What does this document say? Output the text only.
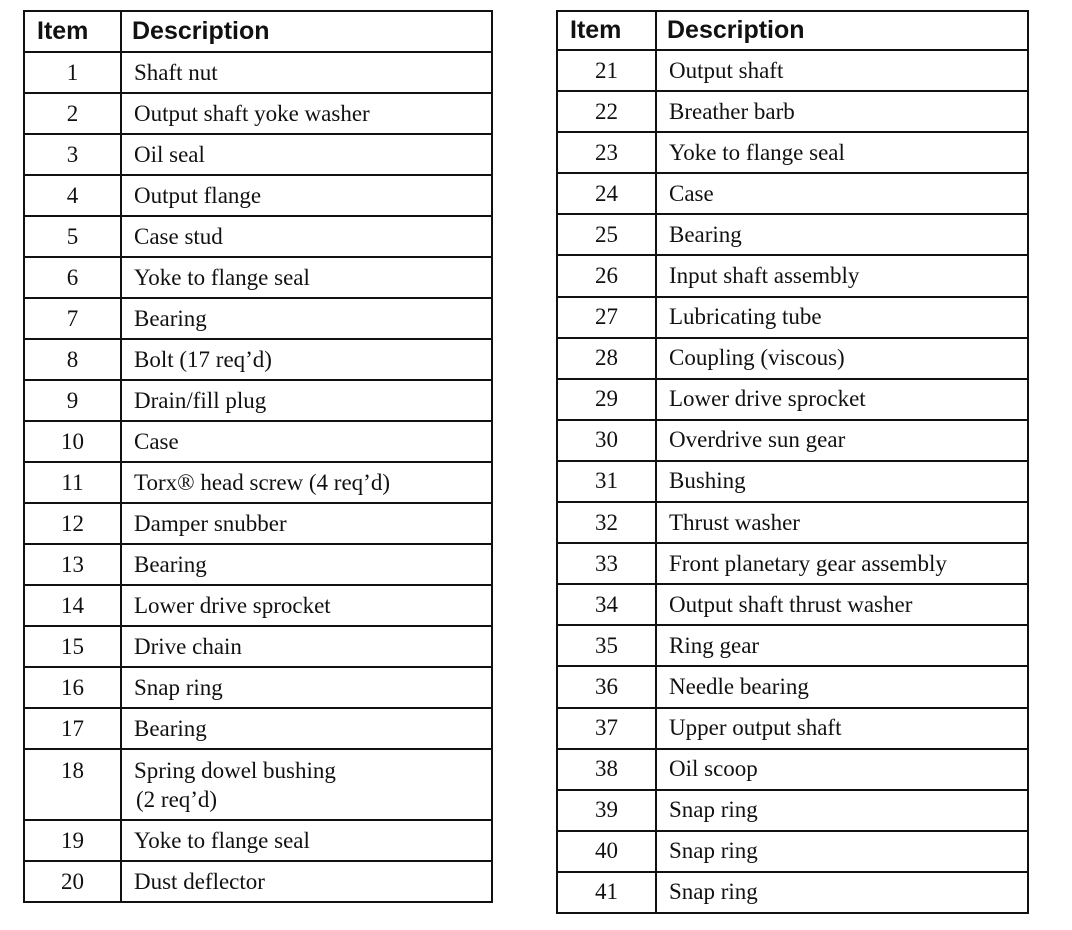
Item	Description
1	Shaft nut
2	Output shaft yoke washer
3	Oil seal
4	Output flange
5	Case stud
6	Yoke to flange seal
7	Bearing
8	Bolt (17 req’d)
9	Drain/fill plug
10	Case
11	Torx® head screw (4 req’d)
12	Damper snubber
13	Bearing
14	Lower drive sprocket
15	Drive chain
16	Snap ring
17	Bearing
18	Spring dowel bushing
(2 req’d)

19	Yoke to flange seal
20	Dust deflector
Item	Description
21	Output shaft
22	Breather barb
23	Yoke to flange seal
24	Case
25	Bearing
26	Input shaft assembly
27	Lubricating tube
28	Coupling (viscous)
29	Lower drive sprocket
30	Overdrive sun gear
31	Bushing
32	Thrust washer
33	Front planetary gear assembly
34	Output shaft thrust washer
35	Ring gear
36	Needle bearing
37	Upper output shaft
38	Oil scoop
39	Snap ring
40	Snap ring
41	Snap ring
